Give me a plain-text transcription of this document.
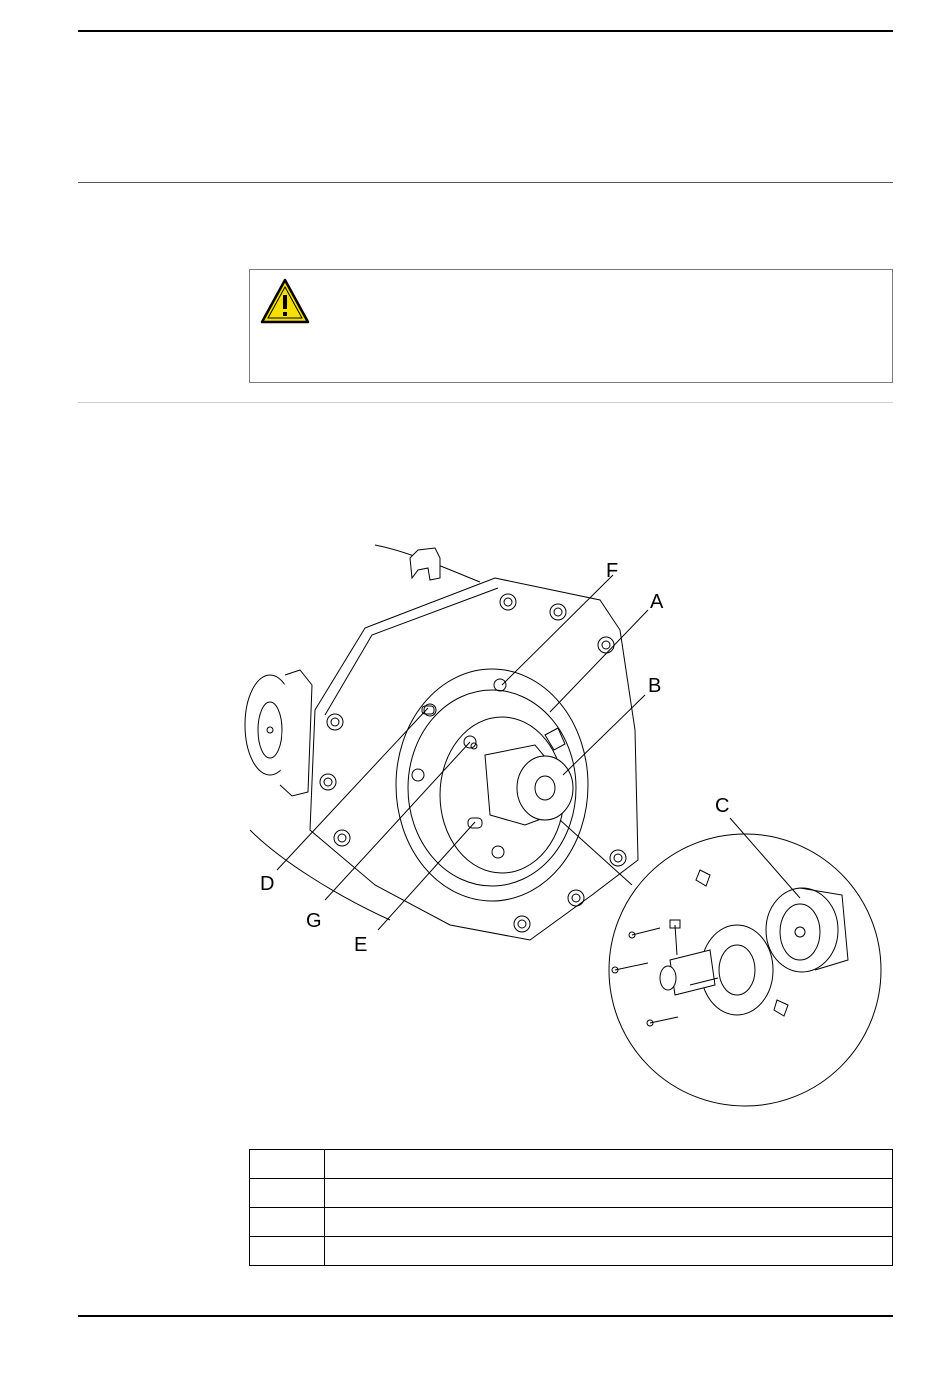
F
A
B
C
D
G
E
